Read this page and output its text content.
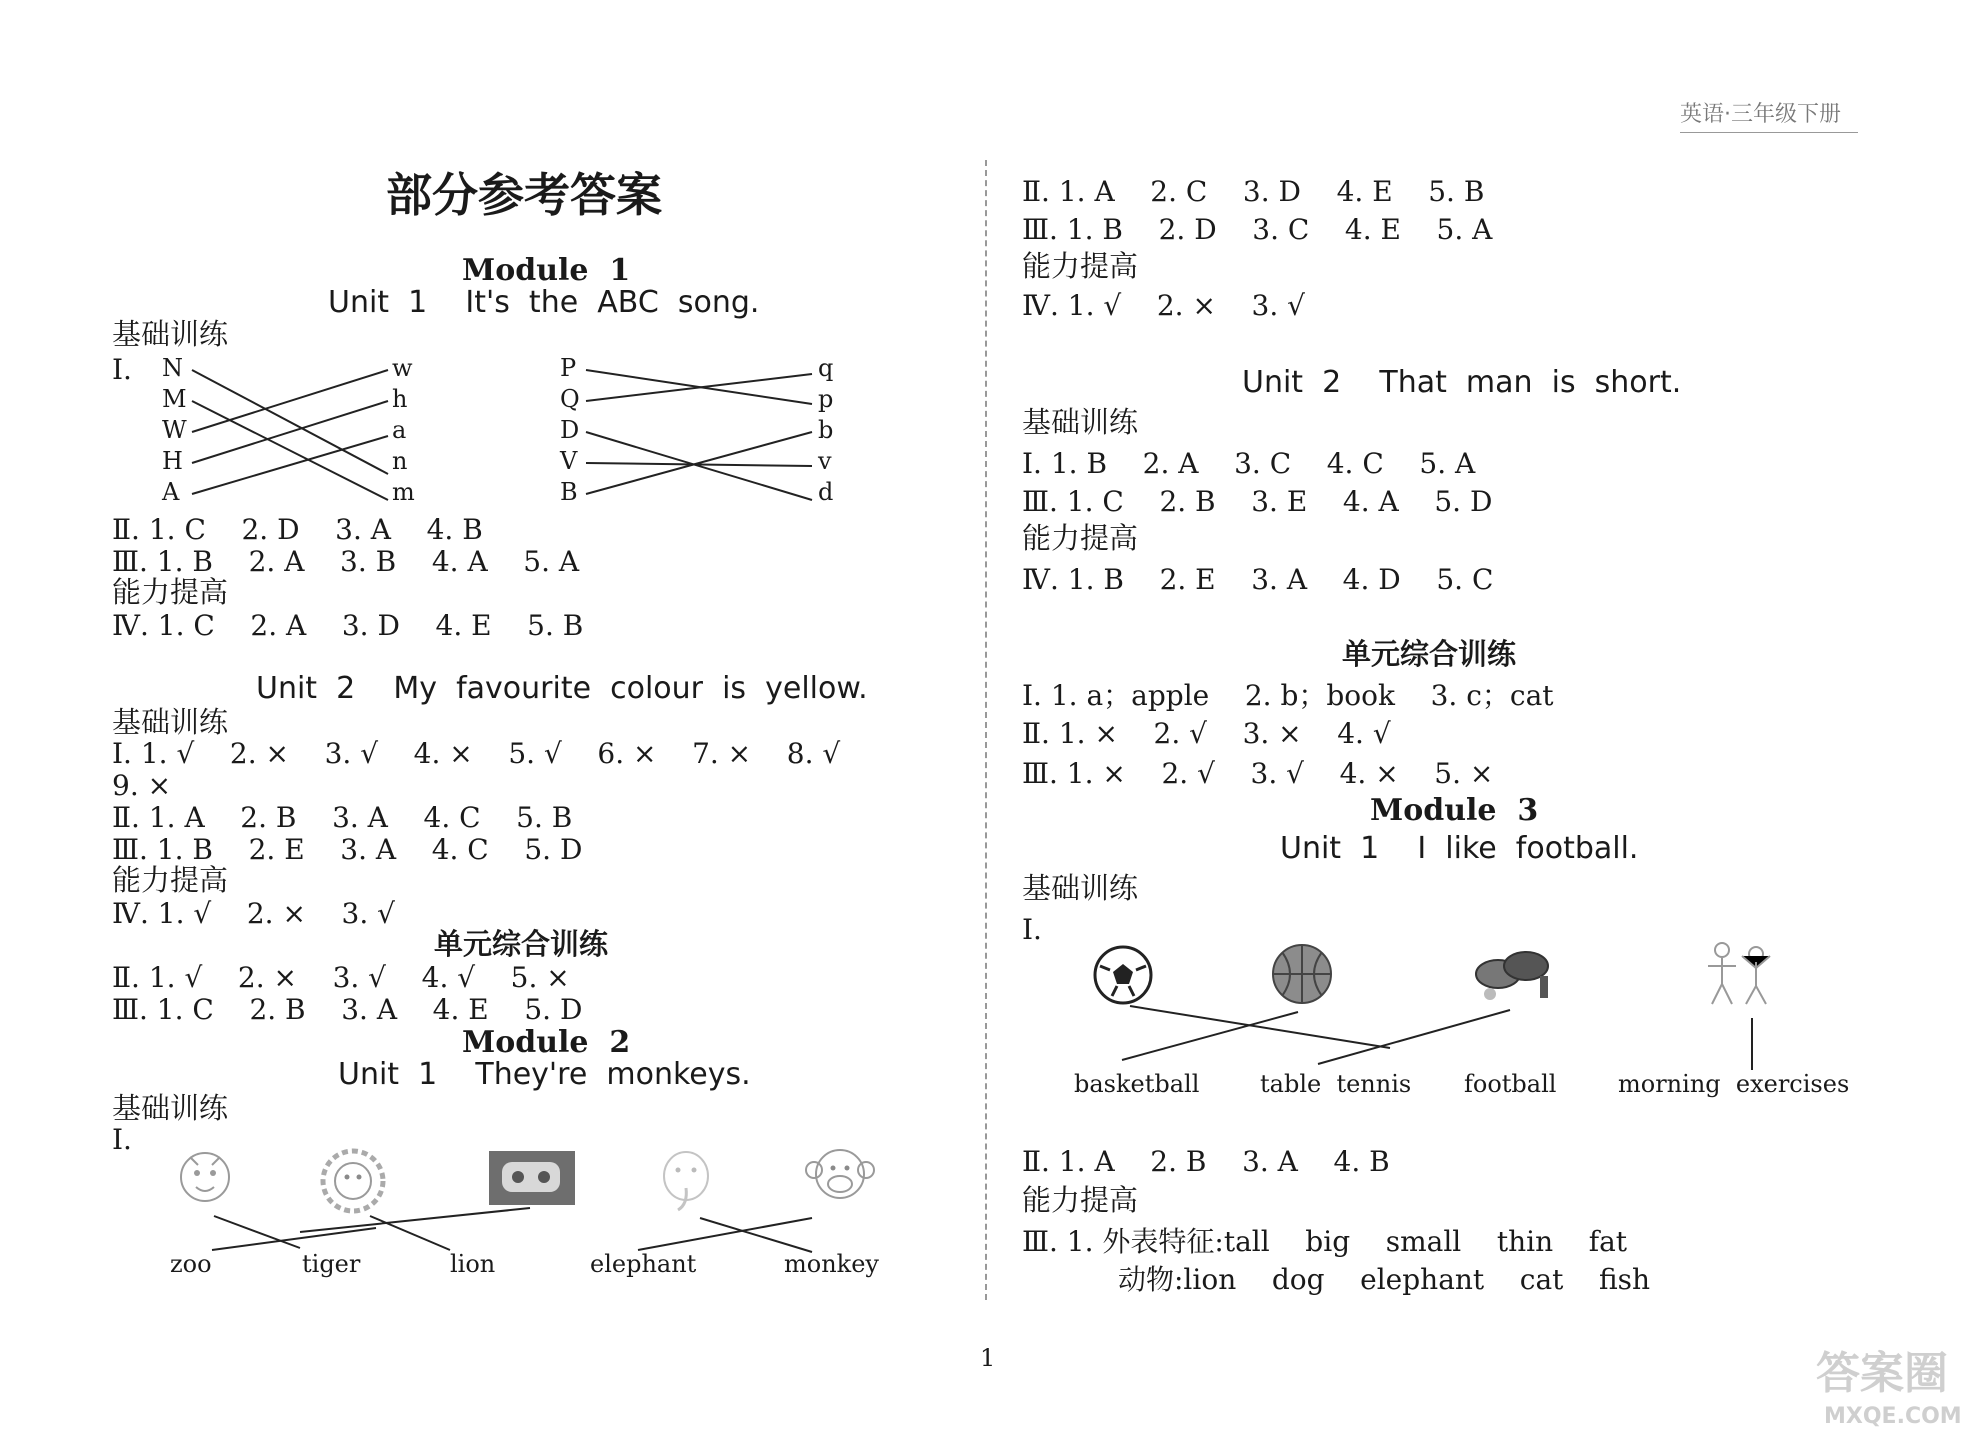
英语·三年级下册
部分参考答案
Module  1
Unit  1    It's  the  ABC  song.
基础训练
I. N
M
W
H
A
w
h
a
n
m
P
Q
D
V
B
q
p
b
v
d
Ⅱ. 1. C    2. D    3. A    4. B
Ⅲ. 1. B    2. A    3. B    4. A    5. A
能力提高
Ⅳ. 1. C    2. A    3. D    4. E    5. B
Unit  2    My  favourite  colour  is  yellow.
基础训练
Ⅰ. 1. √    2. ×    3. √    4. ×    5. √    6. ×    7. ×    8. √
9. ×
Ⅱ. 1. A    2. B    3. A    4. C    5. B
Ⅲ. 1. B    2. E    3. A    4. C    5. D
能力提高
Ⅳ. 1. √    2. ×    3. √
单元综合训练
Ⅱ. 1. √    2. ×    3. √    4. √    5. ×
Ⅲ. 1. C    2. B    3. A    4. E    5. D
Module  2
Unit  1    They're  monkeys.
基础训练
Ⅰ.
zoo	tiger	lion	elephant	monkey
Ⅱ. 1. A    2. C    3. D    4. E    5. B
Ⅲ. 1. B    2. D    3. C    4. E    5. A
能力提高
Ⅳ. 1. √    2. ×    3. √
Unit  2    That  man  is  short.
基础训练
Ⅰ. 1. B    2. A    3. C    4. C    5. A
Ⅲ. 1. C    2. B    3. E    4. A    5. D
能力提高
Ⅳ. 1. B    2. E    3. A    4. D    5. C
单元综合训练
Ⅰ. 1. a；apple    2. b；book    3. c；cat
Ⅱ. 1. ×    2. √    3. ×    4. √
Ⅲ. 1. ×    2. √    3. √    4. ×    5. ×
Module  3
Unit  1    I  like  football.
基础训练
Ⅰ.
basketball	table  tennis football	morning  exercises
Ⅱ. 1. A    2. B    3. A    4. B
能力提高
Ⅲ. 1. 外表特征:tall    big    small    thin    fat
动物:lion    dog    elephant    cat    fish
1	答案圈
MXQE.COM
